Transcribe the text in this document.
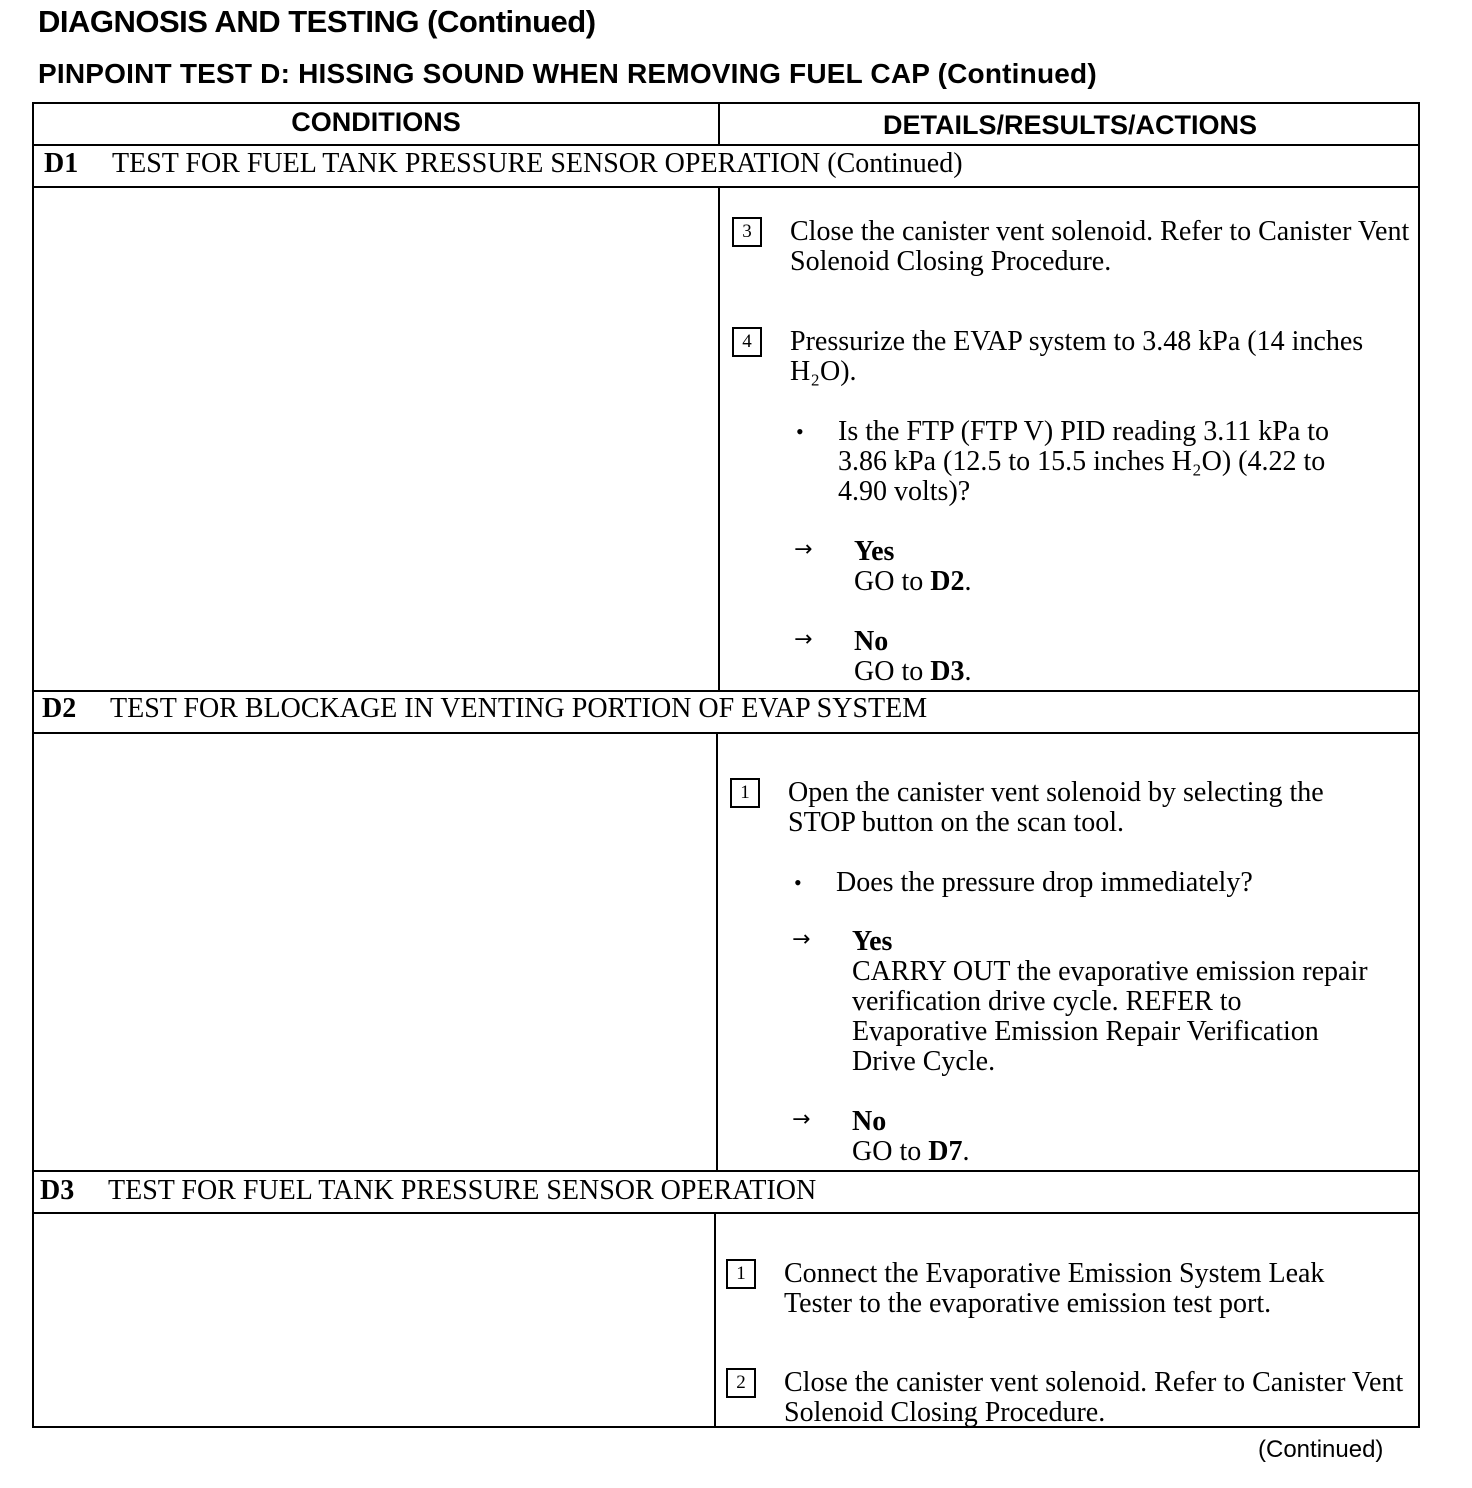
DIAGNOSIS AND TESTING (Continued)
PINPOINT TEST D: HISSING SOUND WHEN REMOVING FUEL CAP (Continued)
CONDITIONS	DETAILS/RESULTS/ACTIONS
D1 TEST FOR FUEL TANK PRESSURE SENSOR OPERATION (Continued)
3	Close the canister vent solenoid. Refer to Canister Vent Solenoid Closing Procedure.
4	Pressurize the EVAP system to 3.48 kPa (14 inches H₂O).
• Is the FTP (FTP V) PID reading 3.11 kPa to 3.86 kPa (12.5 to 15.5 inches H₂O) (4.22 to 4.90 volts)?
→ Yes
GO to D2.
→ No
GO to D3.
D2 TEST FOR BLOCKAGE IN VENTING PORTION OF EVAP SYSTEM
1	Open the canister vent solenoid by selecting the STOP button on the scan tool.
• Does the pressure drop immediately?
→ Yes
CARRY OUT the evaporative emission repair verification drive cycle. REFER to Evaporative Emission Repair Verification Drive Cycle.
→ No
GO to D7.
D3 TEST FOR FUEL TANK PRESSURE SENSOR OPERATION
1	Connect the Evaporative Emission System Leak Tester to the evaporative emission test port.
2	Close the canister vent solenoid. Refer to Canister Vent Solenoid Closing Procedure.
(Continued)
